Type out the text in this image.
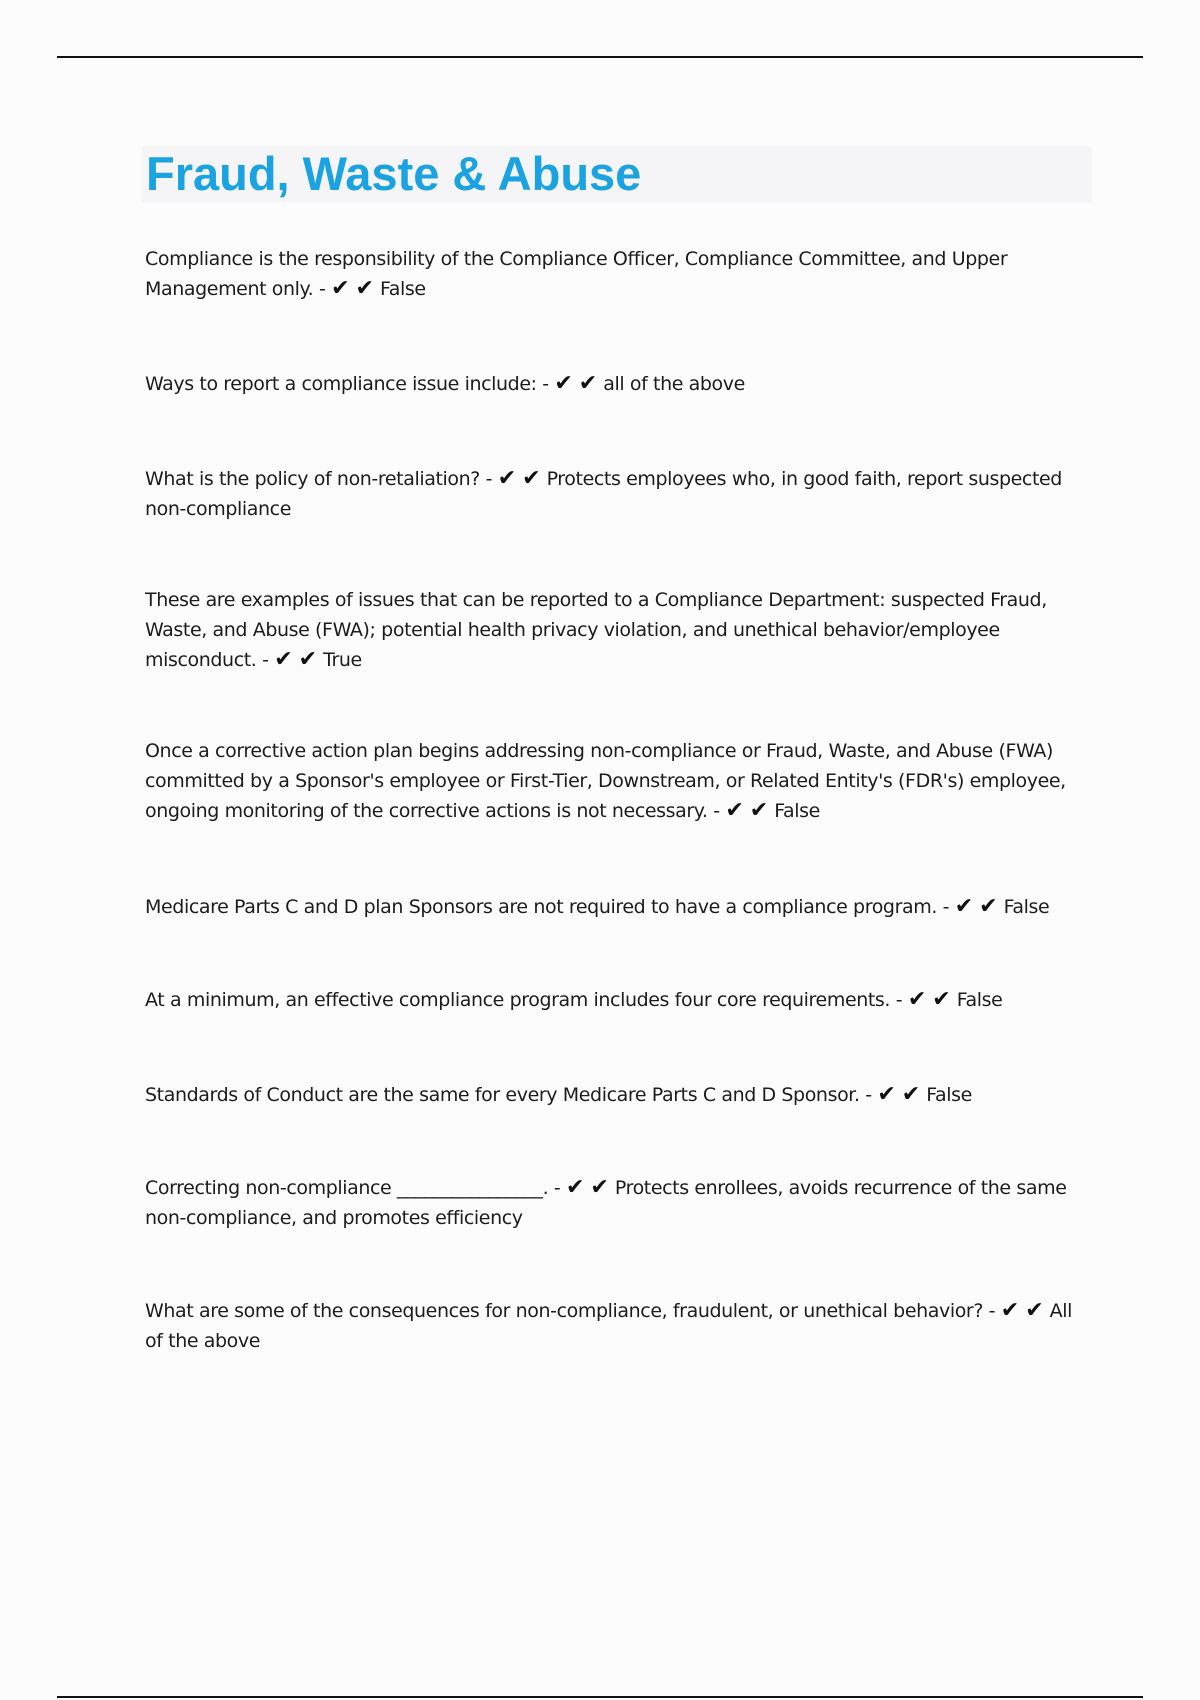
Fraud, Waste & Abuse

Compliance is the responsibility of the Compliance Officer, Compliance Committee, and Upper Management only. - ✔✔False

Ways to report a compliance issue include: - ✔✔all of the above

What is the policy of non-retaliation? - ✔✔Protects employees who, in good faith, report suspected non-compliance

These are examples of issues that can be reported to a Compliance Department: suspected Fraud, Waste, and Abuse (FWA); potential health privacy violation, and unethical behavior/employee misconduct. - ✔✔True

Once a corrective action plan begins addressing non-compliance or Fraud, Waste, and Abuse (FWA) committed by a Sponsor's employee or First-Tier, Downstream, or Related Entity's (FDR's) employee, ongoing monitoring of the corrective actions is not necessary. - ✔✔False

Medicare Parts C and D plan Sponsors are not required to have a compliance program. - ✔✔False

At a minimum, an effective compliance program includes four core requirements. - ✔✔False

Standards of Conduct are the same for every Medicare Parts C and D Sponsor. - ✔✔False

Correcting non-compliance ________________. - ✔✔Protects enrollees, avoids recurrence of the same non-compliance, and promotes efficiency

What are some of the consequences for non-compliance, fraudulent, or unethical behavior? - ✔✔All of the above
